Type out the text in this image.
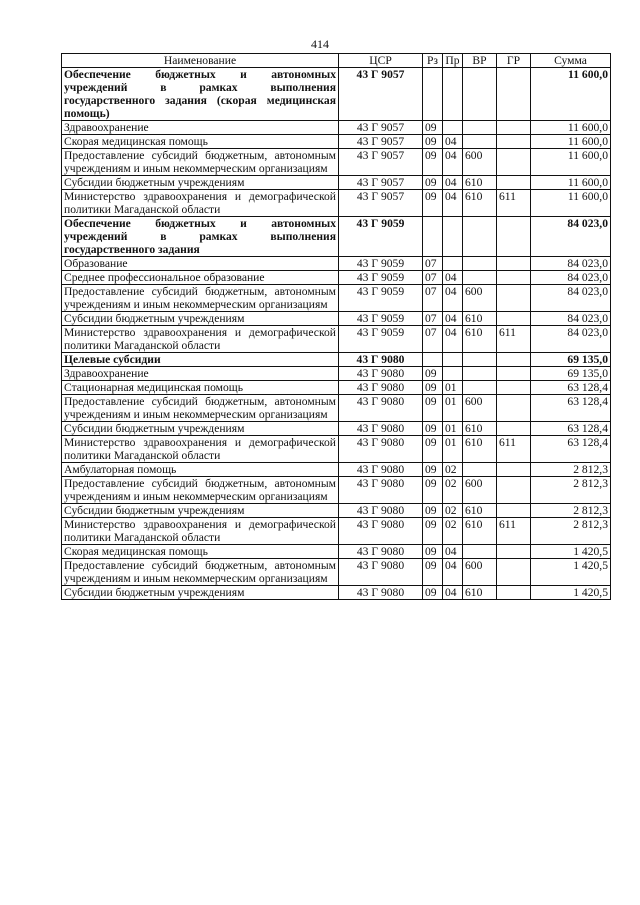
414
Наименование	ЦСР	Рз	Пр	ВР	ГР	Сумма
Обеспечение бюджетных и автономных учреждений в рамках выполнения государственного задания (скорая медицинская помощь)	43 Г 9057					11 600,0
Здравоохранение	43 Г 9057	09				11 600,0
Скорая медицинская помощь	43 Г 9057	09	04			11 600,0
Предоставление субсидий бюджетным, автономным учреждениям и иным некоммерческим организациям	43 Г 9057	09	04	600		11 600,0
Субсидии бюджетным учреждениям	43 Г 9057	09	04	610		11 600,0
Министерство здравоохранения и демографической политики Магаданской области	43 Г 9057	09	04	610	611	11 600,0
Обеспечение бюджетных и автономных учреждений в рамках выполнения государственного задания	43 Г 9059					84 023,0
Образование	43 Г 9059	07				84 023,0
Среднее профессиональное образование	43 Г 9059	07	04			84 023,0
Предоставление субсидий бюджетным, автономным учреждениям и иным некоммерческим организациям	43 Г 9059	07	04	600		84 023,0
Субсидии бюджетным учреждениям	43 Г 9059	07	04	610		84 023,0
Министерство здравоохранения и демографической политики Магаданской области	43 Г 9059	07	04	610	611	84 023,0
Целевые субсидии	43 Г 9080					69 135,0
Здравоохранение	43 Г 9080	09				69 135,0
Стационарная медицинская помощь	43 Г 9080	09	01			63 128,4
Предоставление субсидий бюджетным, автономным учреждениям и иным некоммерческим организациям	43 Г 9080	09	01	600		63 128,4
Субсидии бюджетным учреждениям	43 Г 9080	09	01	610		63 128,4
Министерство здравоохранения и демографической политики Магаданской области	43 Г 9080	09	01	610	611	63 128,4
Амбулаторная помощь	43 Г 9080	09	02			2 812,3
Предоставление субсидий бюджетным, автономным учреждениям и иным некоммерческим организациям	43 Г 9080	09	02	600		2 812,3
Субсидии бюджетным учреждениям	43 Г 9080	09	02	610		2 812,3
Министерство здравоохранения и демографической политики Магаданской области	43 Г 9080	09	02	610	611	2 812,3
Скорая медицинская помощь	43 Г 9080	09	04			1 420,5
Предоставление субсидий бюджетным, автономным учреждениям и иным некоммерческим организациям	43 Г 9080	09	04	600		1 420,5
Субсидии бюджетным учреждениям	43 Г 9080	09	04	610		1 420,5
